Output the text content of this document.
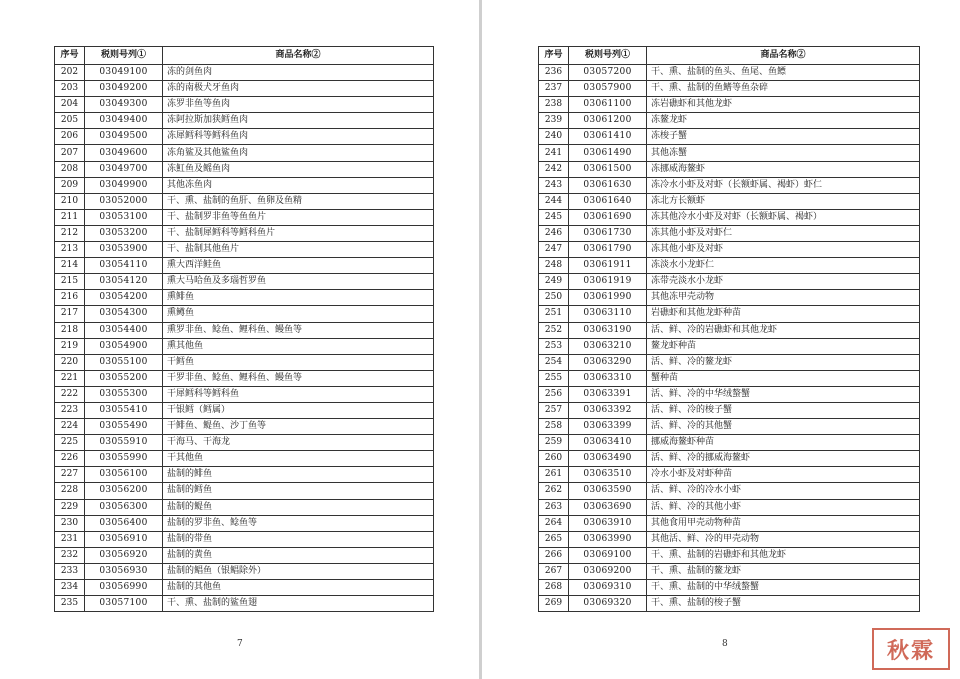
序号	税则号列①	商品名称②
202	03049100	冻的剑鱼肉
203	03049200	冻的南极犬牙鱼肉
204	03049300	冻罗非鱼等鱼肉
205	03049400	冻阿拉斯加狭鳕鱼肉
206	03049500	冻犀鳕科等鳕科鱼肉
207	03049600	冻角鲨及其他鲨鱼肉
208	03049700	冻魟鱼及鳐鱼肉
209	03049900	其他冻鱼肉
210	03052000	干、熏、盐制的鱼肝、鱼卵及鱼精
211	03053100	干、盐制罗非鱼等鱼鱼片
212	03053200	干、盐制犀鳕科等鳕科鱼片
213	03053900	干、盐制其他鱼片
214	03054110	熏大西洋鲑鱼
215	03054120	熏大马哈鱼及多瑙哲罗鱼
216	03054200	熏鲱鱼
217	03054300	熏鳟鱼
218	03054400	熏罗非鱼、鲶鱼、鲤科鱼、鳗鱼等
219	03054900	熏其他鱼
220	03055100	干鳕鱼
221	03055200	干罗非鱼、鲶鱼、鲤科鱼、鳗鱼等
222	03055300	干犀鳕科等鳕科鱼
223	03055410	干银鳕（鳕属）
224	03055490	干鲱鱼、鳀鱼、沙丁鱼等
225	03055910	干海马、干海龙
226	03055990	干其他鱼
227	03056100	盐制的鲱鱼
228	03056200	盐制的鳕鱼
229	03056300	盐制的鳀鱼
230	03056400	盐制的罗非鱼、鲶鱼等
231	03056910	盐制的带鱼
232	03056920	盐制的黄鱼
233	03056930	盐制的鲳鱼（银鲳除外）
234	03056990	盐制的其他鱼
235	03057100	干、熏、盐制的鲨鱼翅
7
序号	税则号列①	商品名称②
236	03057200	干、熏、盐制的鱼头、鱼尾、鱼鳔
237	03057900	干、熏、盐制的鱼鳍等鱼杂碎
238	03061100	冻岩礁虾和其他龙虾
239	03061200	冻鳌龙虾
240	03061410	冻梭子蟹
241	03061490	其他冻蟹
242	03061500	冻挪威海鳌虾
243	03061630	冻冷水小虾及对虾（长额虾属、褐虾）虾仁
244	03061640	冻北方长额虾
245	03061690	冻其他冷水小虾及对虾（长额虾属、褐虾）
246	03061730	冻其他小虾及对虾仁
247	03061790	冻其他小虾及对虾
248	03061911	冻淡水小龙虾仁
249	03061919	冻带壳淡水小龙虾
250	03061990	其他冻甲壳动物
251	03063110	岩礁虾和其他龙虾种苗
252	03063190	活、鲜、冷的岩礁虾和其他龙虾
253	03063210	鳌龙虾种苗
254	03063290	活、鲜、冷的鳌龙虾
255	03063310	蟹种苗
256	03063391	活、鲜、冷的中华绒螯蟹
257	03063392	活、鲜、冷的梭子蟹
258	03063399	活、鲜、冷的其他蟹
259	03063410	挪威海鳌虾种苗
260	03063490	活、鲜、冷的挪威海鳌虾
261	03063510	冷水小虾及对虾种苗
262	03063590	活、鲜、冷的冷水小虾
263	03063690	活、鲜、冷的其他小虾
264	03063910	其他食用甲壳动物种苗
265	03063990	其他活、鲜、冷的甲壳动物
266	03069100	干、熏、盐制的岩礁虾和其他龙虾
267	03069200	干、熏、盐制的鳌龙虾
268	03069310	干、熏、盐制的中华绒螯蟹
269	03069320	干、熏、盐制的梭子蟹
8	秋霖
